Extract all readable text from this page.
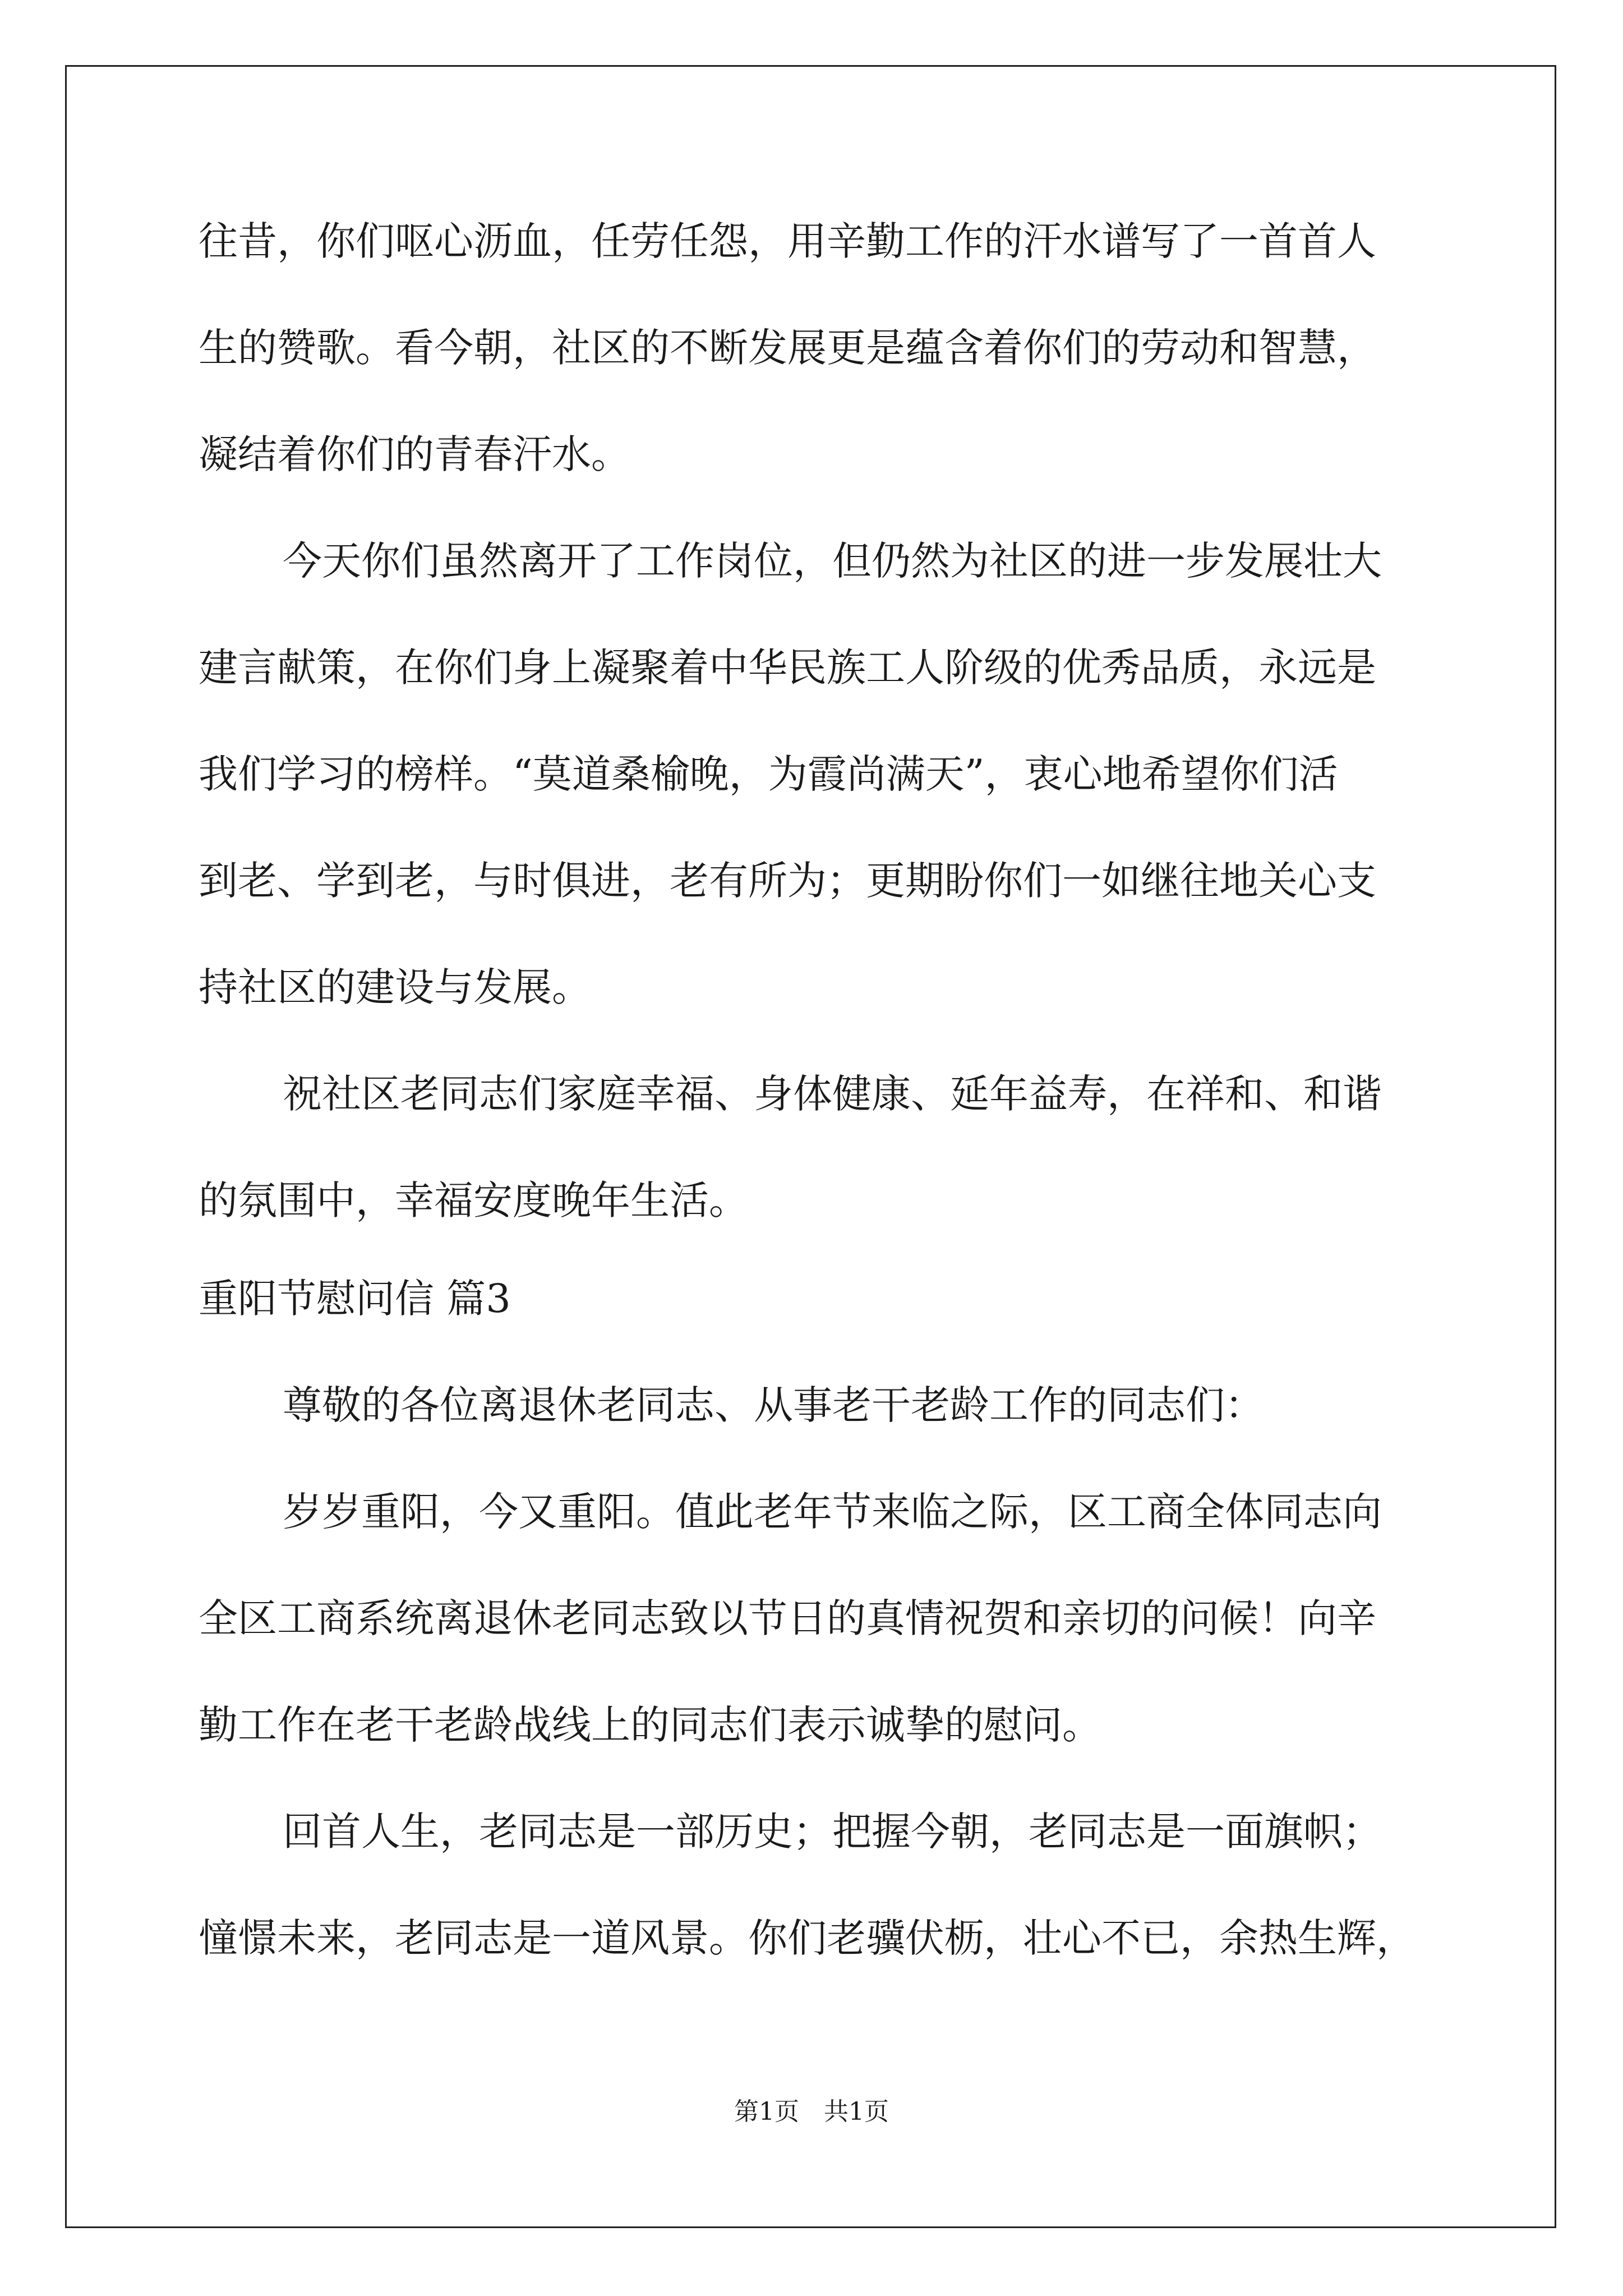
往昔，你们呕心沥血，任劳任怨，用辛勤工作的汗水谱写了一首首人
生的赞歌。看今朝，社区的不断发展更是蕴含着你们的劳动和智慧，
凝结着你们的青春汗水。
今天你们虽然离开了工作岗位，但仍然为社区的进一步发展壮大
建言献策，在你们身上凝聚着中华民族工人阶级的优秀品质，永远是
我们学习的榜样。“莫道桑榆晚，为霞尚满天”，衷心地希望你们活
到老、学到老，与时俱进，老有所为；更期盼你们一如继往地关心支
持社区的建设与发展。
祝社区老同志们家庭幸福、身体健康、延年益寿，在祥和、和谐
的氛围中，幸福安度晚年生活。
重阳节慰问信 篇3
尊敬的各位离退休老同志、从事老干老龄工作的同志们：
岁岁重阳，今又重阳。值此老年节来临之际，区工商全体同志向
全区工商系统离退休老同志致以节日的真情祝贺和亲切的问候！向辛
勤工作在老干老龄战线上的同志们表示诚挚的慰问。
回首人生，老同志是一部历史；把握今朝，老同志是一面旗帜；
憧憬未来，老同志是一道风景。你们老骥伏枥，壮心不已，余热生辉，
第1页　共1页
